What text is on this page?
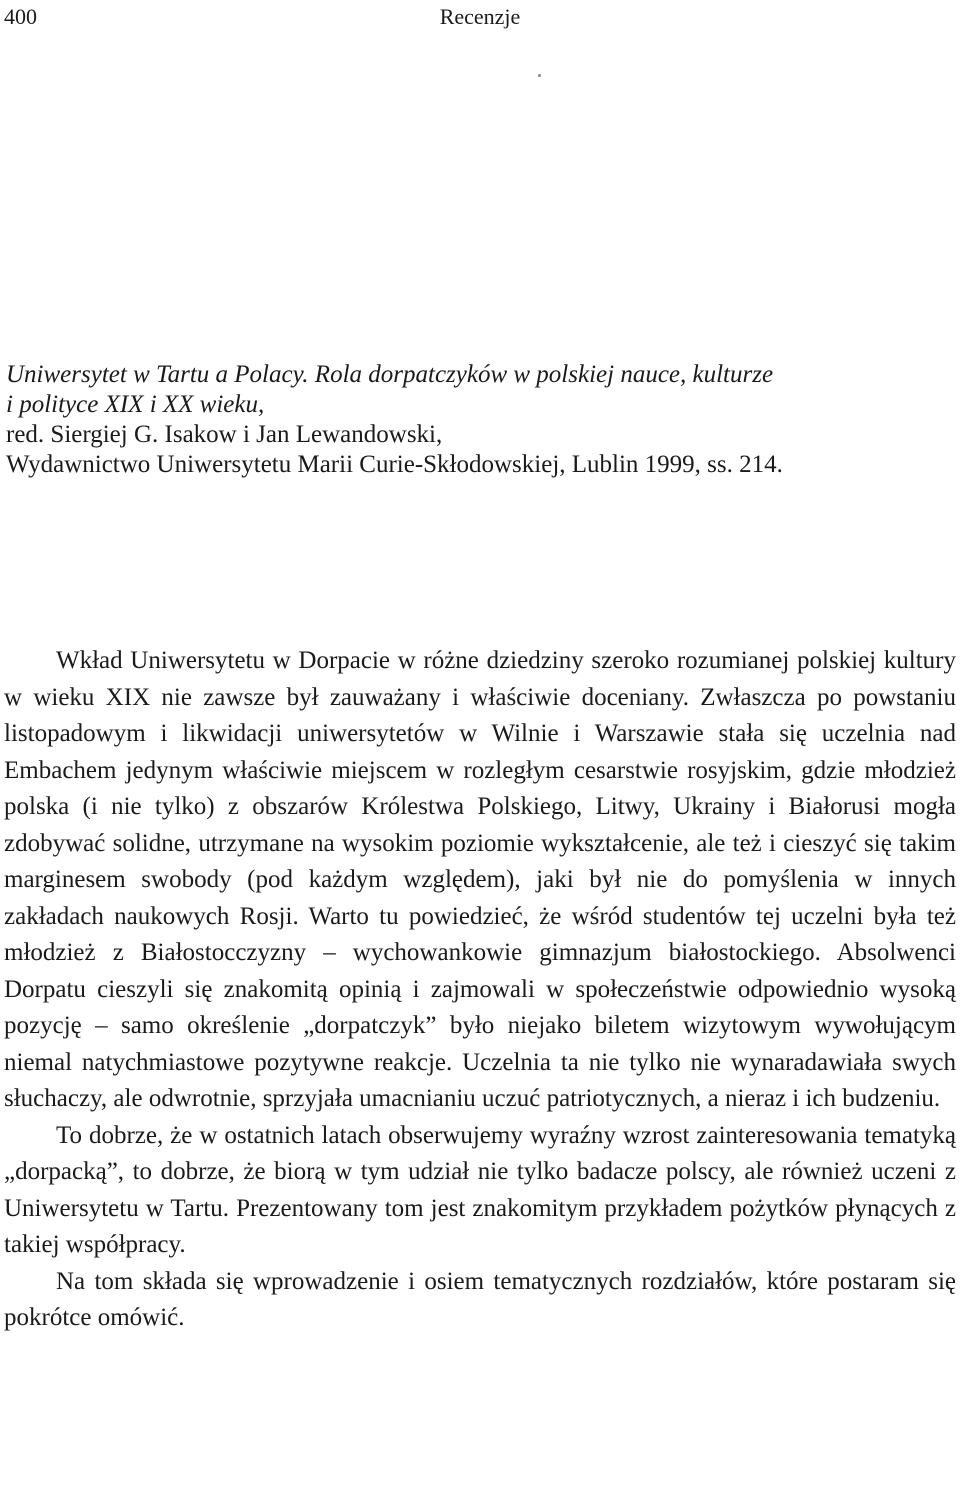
400	Recenzje
Uniwersytet w Tartu a Polacy. Rola dorpatczyków w polskiej nauce, kulturze
i polityce XIX i XX wieku,
red. Siergiej G. Isakow i Jan Lewandowski,
Wydawnictwo Uniwersytetu Marii Curie-Skłodowskiej, Lublin 1999, ss. 214.

Wkład Uniwersytetu w Dorpacie w różne dziedziny szeroko rozumianej polskiej kultury w wieku XIX nie zawsze był zauważany i właściwie doceniany. Zwłaszcza po powstaniu listopadowym i likwidacji uniwersytetów w Wilnie i Warszawie stała się uczelnia nad Embachem jedynym właściwie miejscem w rozległym cesarstwie rosyjskim, gdzie młodzież polska (i nie tylko) z obszarów Królestwa Polskiego, Litwy, Ukrainy i Białorusi mogła zdobywać solidne, utrzymane na wysokim poziomie wykształcenie, ale też i cieszyć się takim marginesem swobody (pod każdym względem), jaki był nie do pomyślenia w innych zakładach naukowych Rosji. Warto tu powiedzieć, że wśród studentów tej uczelni była też młodzież z Białostocczyzny – wychowankowie gimnazjum białostockiego. Absolwenci Dorpatu cieszyli się znakomitą opinią i zajmowali w społeczeństwie odpowiednio wysoką pozycję – samo określenie „dorpatczyk” było niejako biletem wizytowym wywołującym niemal natychmiastowe pozytywne reakcje. Uczelnia ta nie tylko nie wynaradawiała swych słuchaczy, ale odwrotnie, sprzyjała umacnianiu uczuć patriotycznych, a nieraz i ich budzeniu.

To dobrze, że w ostatnich latach obserwujemy wyraźny wzrost zainteresowania tematyką „dorpacką”, to dobrze, że biorą w tym udział nie tylko badacze polscy, ale również uczeni z Uniwersytetu w Tartu. Prezentowany tom jest znakomitym przykładem pożytków płynących z takiej współpracy.

Na tom składa się wprowadzenie i osiem tematycznych rozdziałów, które postaram się pokrótce omówić.
